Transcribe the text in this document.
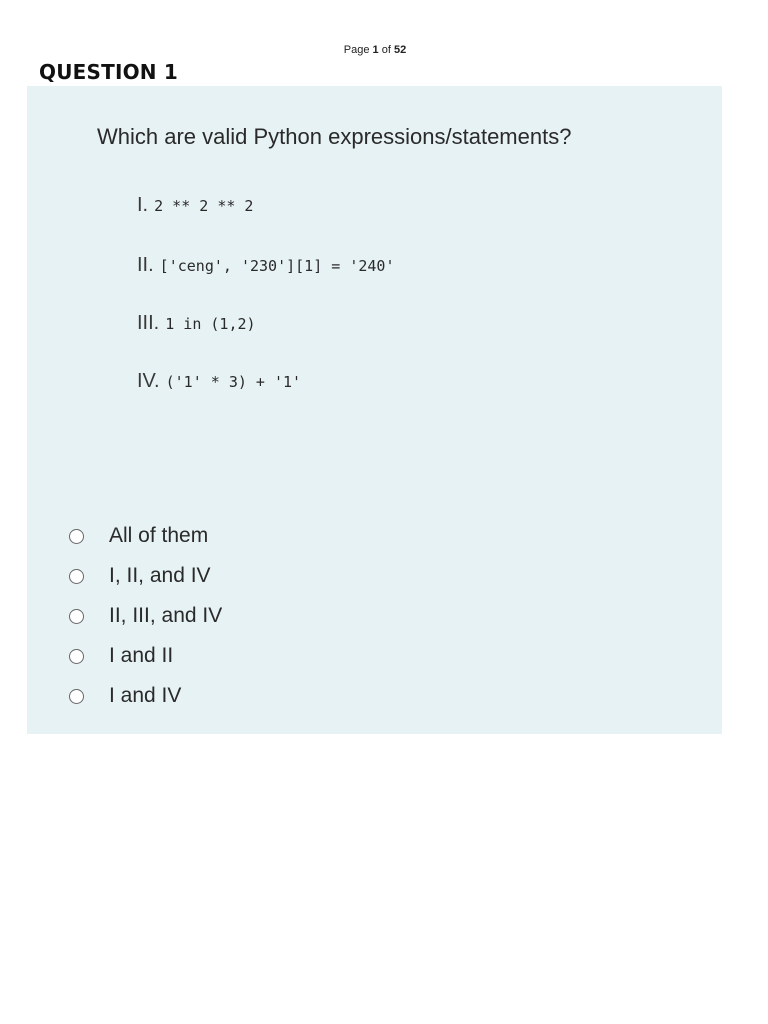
Page 1 of 52
QUESTION 1
Which are valid Python expressions/statements?
I. 2 ** 2 ** 2
II. ['ceng', '230'][1] = '240'
III. 1 in (1,2)
IV. ('1' * 3) + '1'
All of them
I, II, and IV
II, III, and IV
I and II
I and IV
